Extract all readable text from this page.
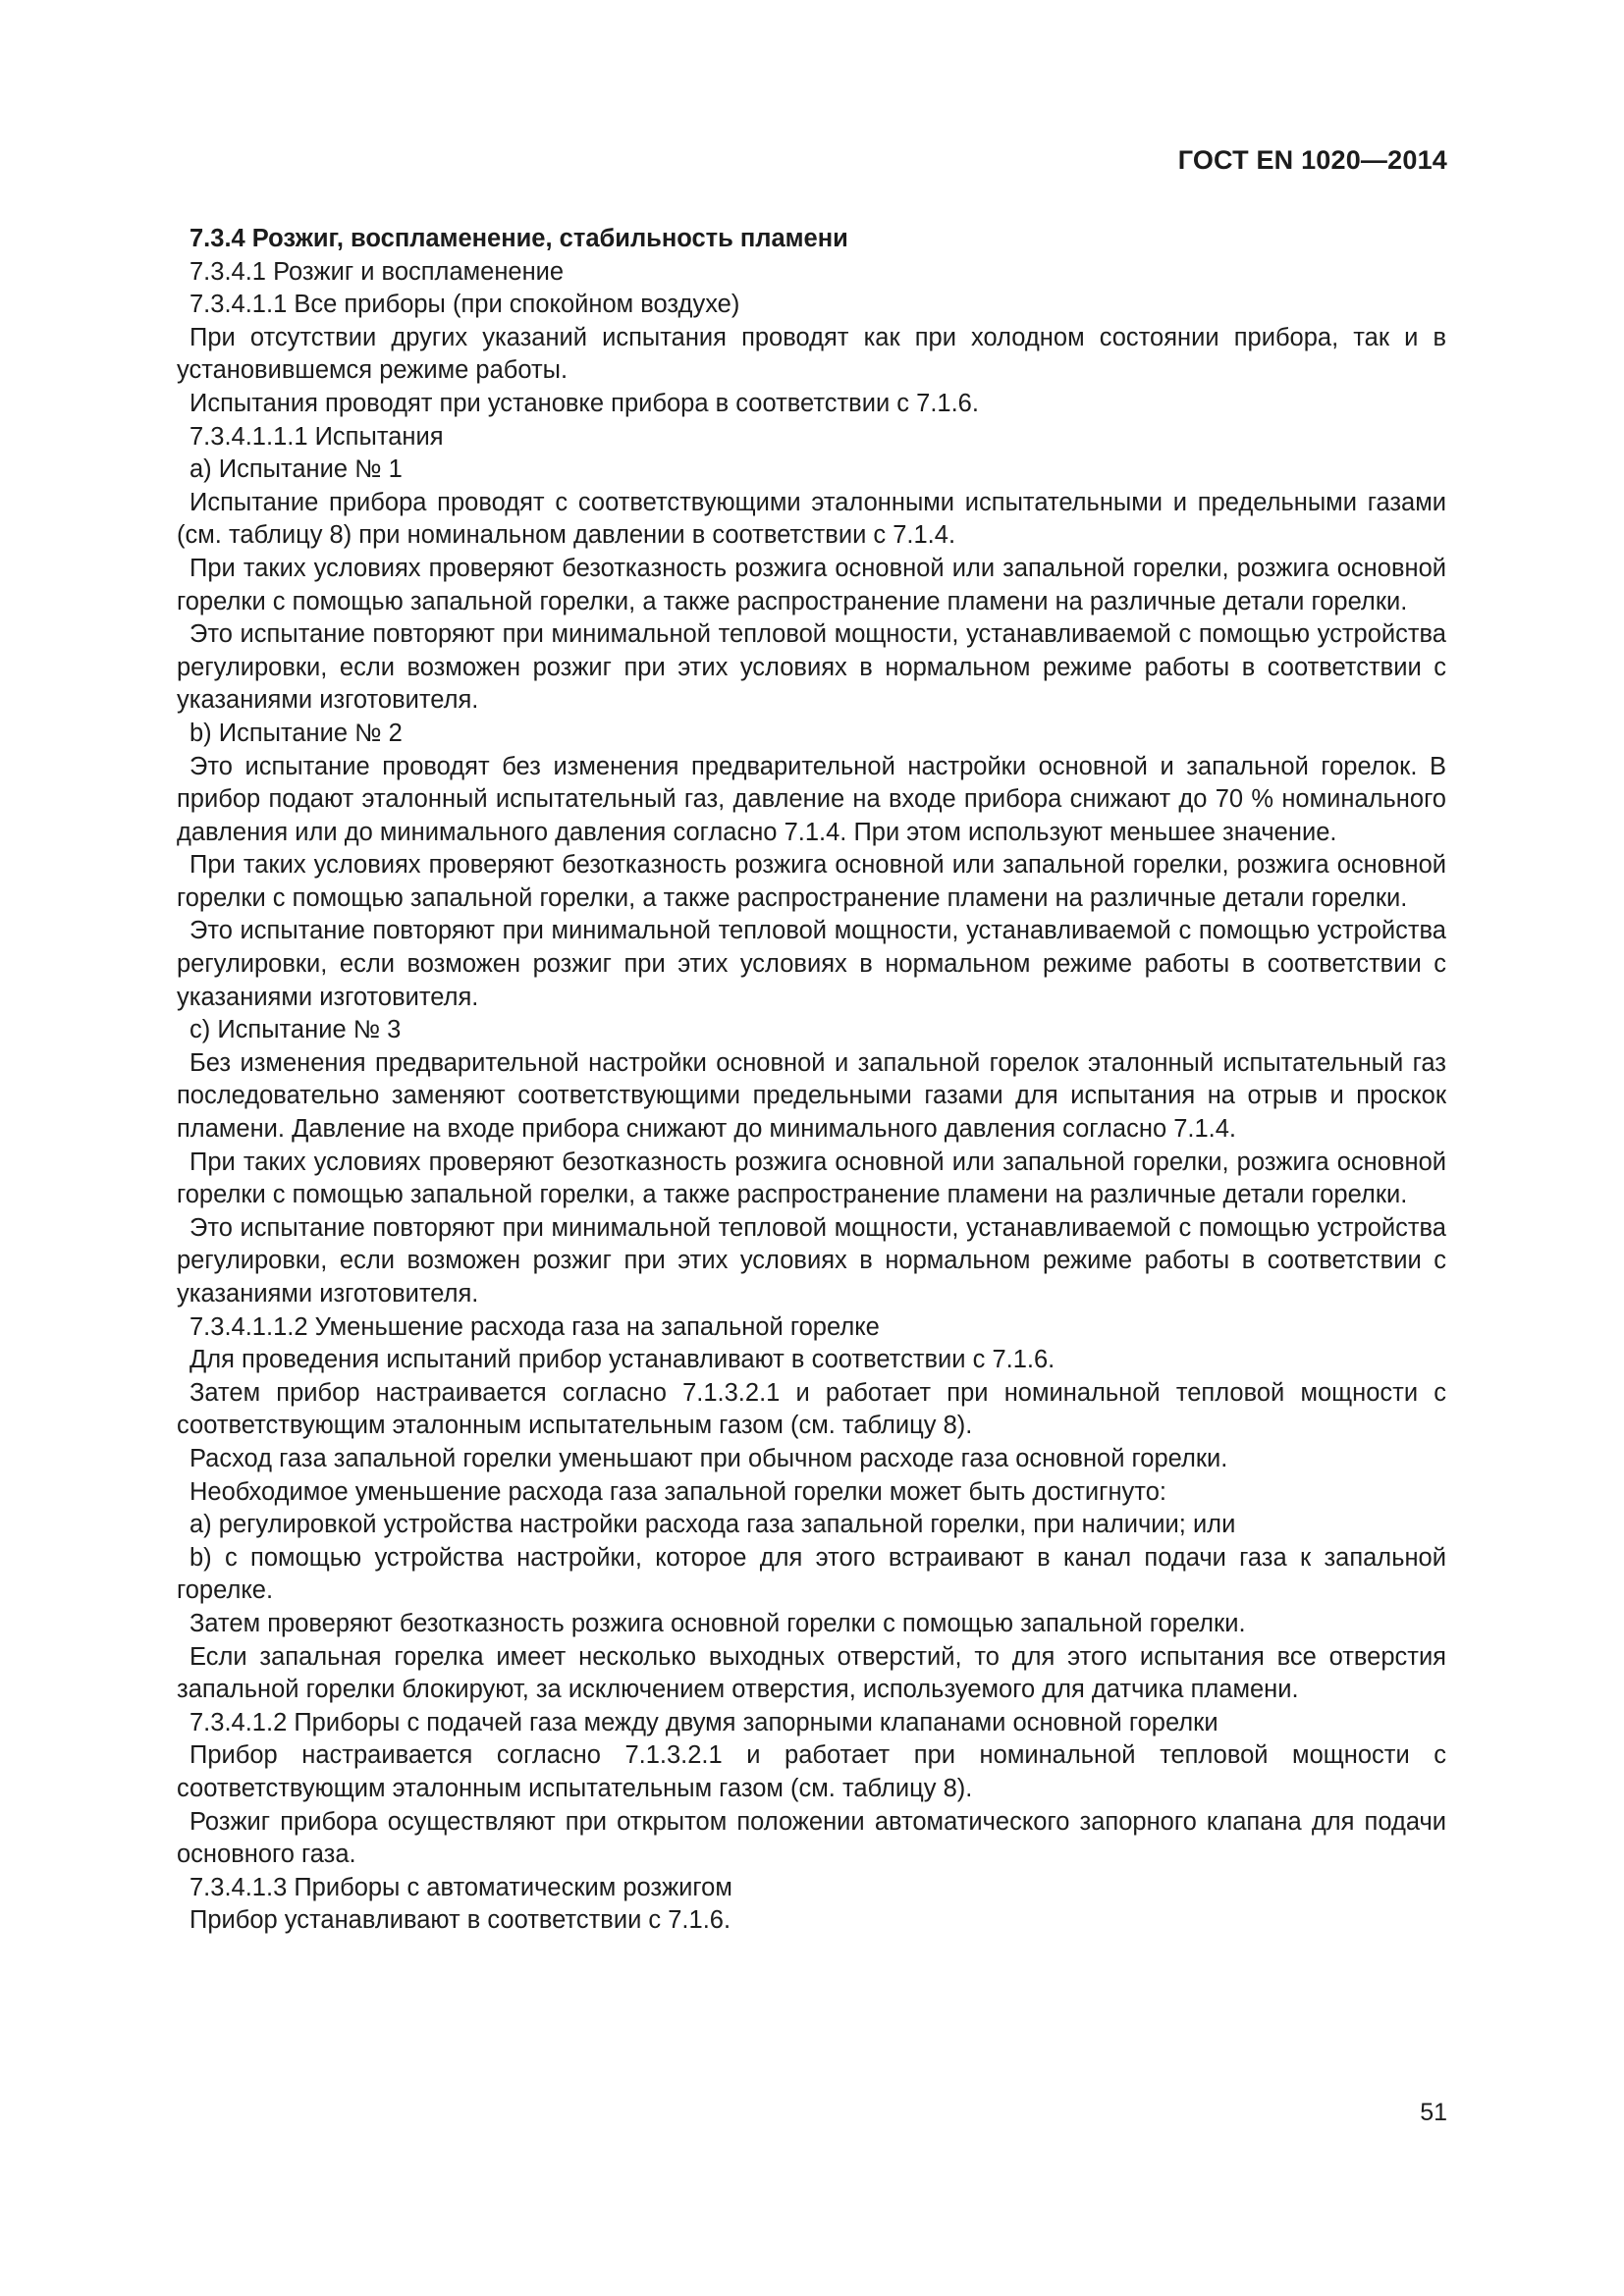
ГОСТ EN 1020—2014

7.3.4 Розжиг, воспламенение, стабильность пламени

7.3.4.1 Розжиг и воспламенение

7.3.4.1.1 Все приборы (при спокойном воздухе)

При отсутствии других указаний испытания проводят как при холодном состоянии прибора, так и в установившемся режиме работы.

Испытания проводят при установке прибора в соответствии с 7.1.6.

7.3.4.1.1.1 Испытания

а) Испытание № 1

Испытание прибора проводят с соответствующими эталонными испытательными и предельными газами (см. таблицу 8) при номинальном давлении в соответствии с 7.1.4.

При таких условиях проверяют безотказность розжига основной или запальной горелки, розжига основной горелки с помощью запальной горелки, а также распространение пламени на различные детали горелки.

Это испытание повторяют при минимальной тепловой мощности, устанавливаемой с помощью устройства регулировки, если возможен розжиг при этих условиях в нормальном режиме работы в соответствии с указаниями изготовителя.

b) Испытание № 2

Это испытание проводят без изменения предварительной настройки основной и запальной горелок. В прибор подают эталонный испытательный газ, давление на входе прибора снижают до 70 % номинального давления или до минимального давления согласно 7.1.4. При этом используют меньшее значение.

При таких условиях проверяют безотказность розжига основной или запальной горелки, розжига основной горелки с помощью запальной горелки, а также распространение пламени на различные детали горелки.

Это испытание повторяют при минимальной тепловой мощности, устанавливаемой с помощью устройства регулировки, если возможен розжиг при этих условиях в нормальном режиме работы в соответствии с указаниями изготовителя.

c) Испытание № 3

Без изменения предварительной настройки основной и запальной горелок эталонный испытательный газ последовательно заменяют соответствующими предельными газами для испытания на отрыв и проскок пламени. Давление на входе прибора снижают до минимального давления согласно 7.1.4.

При таких условиях проверяют безотказность розжига основной или запальной горелки, розжига основной горелки с помощью запальной горелки, а также распространение пламени на различные детали горелки.

Это испытание повторяют при минимальной тепловой мощности, устанавливаемой с помощью устройства регулировки, если возможен розжиг при этих условиях в нормальном режиме работы в соответствии с указаниями изготовителя.

7.3.4.1.1.2 Уменьшение расхода газа на запальной горелке

Для проведения испытаний прибор устанавливают в соответствии с 7.1.6.

Затем прибор настраивается согласно 7.1.3.2.1 и работает при номинальной тепловой мощности с соответствующим эталонным испытательным газом (см. таблицу 8).

Расход газа запальной горелки уменьшают при обычном расходе газа основной горелки.

Необходимое уменьшение расхода газа запальной горелки может быть достигнуто:

a) регулировкой устройства настройки расхода газа запальной горелки, при наличии; или

b) с помощью устройства настройки, которое для этого встраивают в канал подачи газа к запальной горелке.

Затем проверяют безотказность розжига основной горелки с помощью запальной горелки.

Если запальная горелка имеет несколько выходных отверстий, то для этого испытания все отверстия запальной горелки блокируют, за исключением отверстия, используемого для датчика пламени.

7.3.4.1.2 Приборы с подачей газа между двумя запорными клапанами основной горелки

Прибор настраивается согласно 7.1.3.2.1 и работает при номинальной тепловой мощности с соответствующим эталонным испытательным газом (см. таблицу 8).

Розжиг прибора осуществляют при открытом положении автоматического запорного клапана для подачи основного газа.

7.3.4.1.3 Приборы с автоматическим розжигом

Прибор устанавливают в соответствии с 7.1.6.

51
